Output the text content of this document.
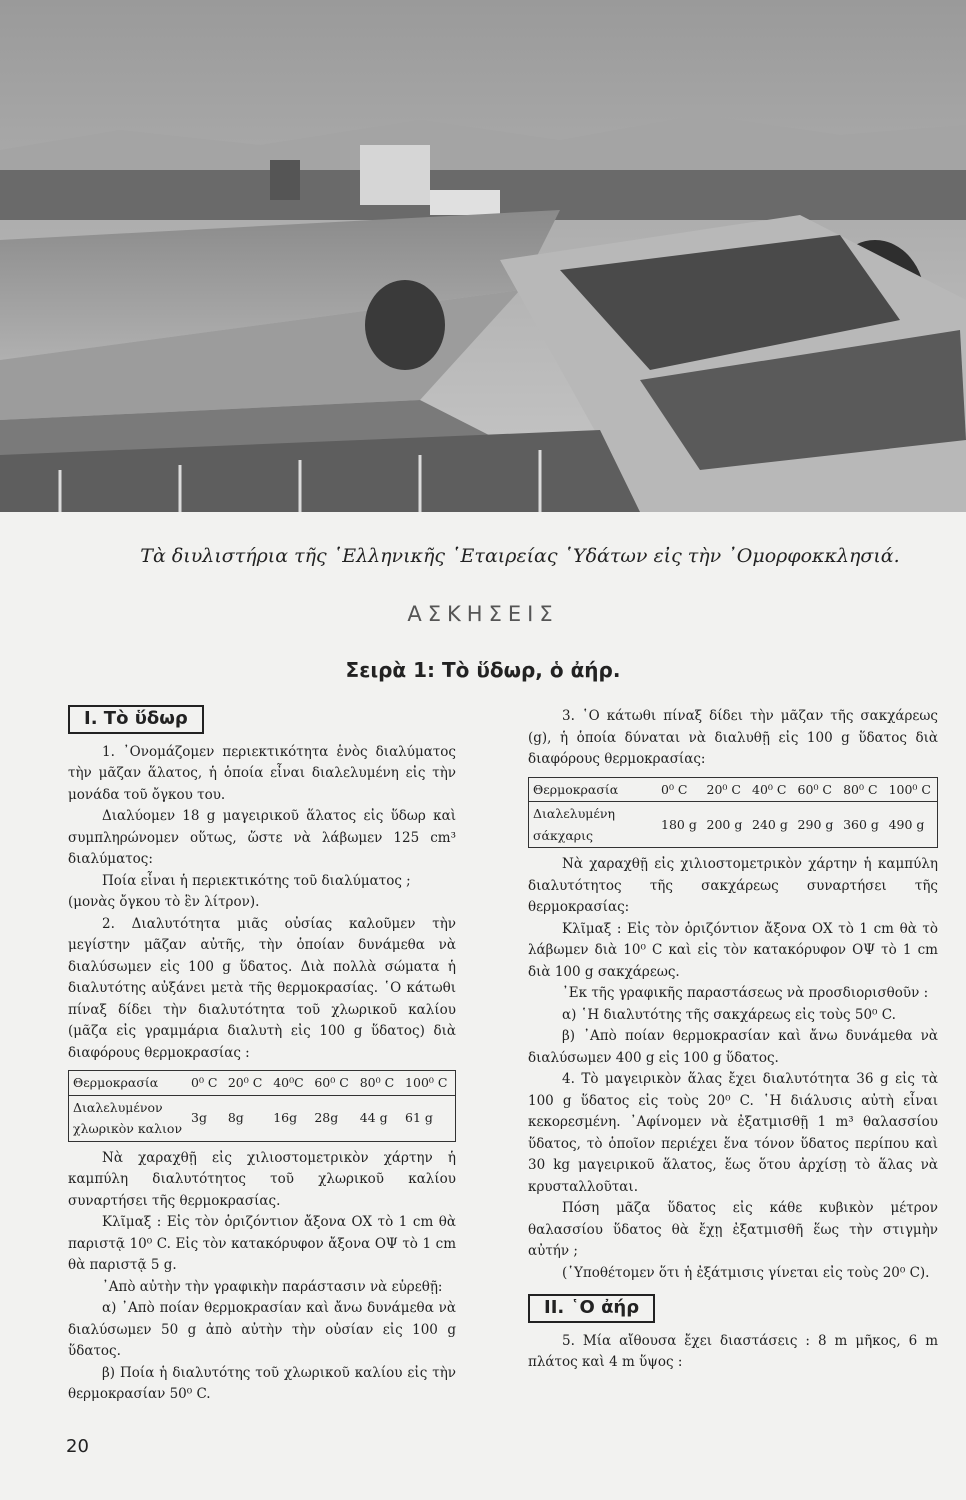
Τὰ διυλιστήρια τῆς ῾Ελληνικῆς ῾Εταιρείας ῾Υδάτων εἰς τὴν ᾿Ομορφοκκλησιά.
ΑΣΚΗΣΕΙΣ
Σειρὰ 1: Τὸ ὕδωρ, ὁ ἀήρ.
I. Τὸ ὕδωρ

1. ᾿Ονομάζομεν περιεκτικότητα ἑνὸς διαλύματος τὴν μᾶζαν ἅλατος, ἡ ὁποία εἶναι διαλελυμένη εἰς τὴν μονάδα τοῦ ὄγκου του.

Διαλύομεν 18 g μαγειρικοῦ ἅλατος εἰς ὕδωρ καὶ συμπληρώνομεν οὕτως, ὥστε νὰ λάβωμεν 125 cm³ διαλύματος:

Ποία εἶναι ἡ περιεκτικότης τοῦ διαλύματος ;

(μονὰς ὄγκου τὸ ἓν λίτρον).

2. Διαλυτότητα μιᾶς οὐσίας καλοῦμεν τὴν μεγίστην μᾶζαν αὐτῆς, τὴν ὁποίαν δυνάμεθα νὰ διαλύσωμεν εἰς 100 g ὕδατος. Διὰ πολλὰ σώματα ἡ διαλυτότης αὐξάνει μετὰ τῆς θερμοκρασίας. ῾Ο κάτωθι πίναξ δίδει τὴν διαλυτότητα τοῦ χλωρικοῦ καλίου (μᾶζα εἰς γραμμάρια διαλυτὴ εἰς 100 g ὕδατος) διὰ διαφόρους θερμοκρασίας :

Θερμοκρασία	0⁰ C	20⁰ C	40⁰C	60⁰ C	80⁰ C	100⁰ C
Διαλελυμένον χλωρικὸν καλιον	3g	8g	16g	28g	44 g	61 g

Νὰ χαραχθῇ εἰς χιλιοστομετρικὸν χάρτην ἡ καμπύλη διαλυτότητος τοῦ χλωρικοῦ καλίου συναρτήσει τῆς θερμοκρασίας.

Κλῖμαξ : Εἰς τὸν ὁριζόντιον ἄξονα ΟΧ τὸ 1 cm θὰ παριστᾷ 10⁰ C. Εἰς τὸν κατακόρυφον ἄξονα ΟΨ τὸ 1 cm θὰ παριστᾷ 5 g.

᾿Απὸ αὐτὴν τὴν γραφικὴν παράστασιν νὰ εὑρεθῇ:

α) ᾿Απὸ ποίαν θερμοκρασίαν καὶ ἄνω δυνάμεθα νὰ διαλύσωμεν 50 g ἀπὸ αὐτὴν τὴν οὐσίαν εἰς 100 g ὕδατος.

β) Ποία ἡ διαλυτότης τοῦ χλωρικοῦ καλίου εἰς τὴν θερμοκρασίαν 50⁰ C.

3. ῾Ο κάτωθι πίναξ δίδει τὴν μᾶζαν τῆς σακχάρεως (g), ἡ ὁποία δύναται νὰ διαλυθῇ εἰς 100 g ὕδατος διὰ διαφόρους θερμοκρασίας:

Θερμοκρασία	0⁰ C	20⁰ C	40⁰ C	60⁰ C	80⁰ C	100⁰ C
Διαλελυμένη σάκχαρις	180 g	200 g	240 g	290 g	360 g	490 g

Νὰ χαραχθῇ εἰς χιλιοστομετρικὸν χάρτην ἡ καμπύλη διαλυτότητος τῆς σακχάρεως συναρτήσει τῆς θερμοκρασίας:

Κλῖμαξ : Εἰς τὸν ὁριζόντιον ἄξονα ΟΧ τὸ 1 cm θὰ τὸ λάβωμεν διὰ 10⁰ C καὶ εἰς τὸν κατακόρυφον ΟΨ τὸ 1 cm διὰ 100 g σακχάρεως.

᾿Εκ τῆς γραφικῆς παραστάσεως νὰ προσδιορισθοῦν :

α) ῾Η διαλυτότης τῆς σακχάρεως εἰς τοὺς 50⁰ C.

β) ᾿Απὸ ποίαν θερμοκρασίαν καὶ ἄνω δυνάμεθα νὰ διαλύσωμεν 400 g εἰς 100 g ὕδατος.

4. Τὸ μαγειρικὸν ἅλας ἔχει διαλυτότητα 36 g εἰς τὰ 100 g ὕδατος εἰς τοὺς 20⁰ C. ῾Η διάλυσις αὐτὴ εἶναι κεκορεσμένη. ᾿Αφίνομεν νὰ ἐξατμισθῇ 1 m³ θαλασσίου ὕδατος, τὸ ὁποῖον περιέχει ἕνα τόνον ὕδατος περίπου καὶ 30 kg μαγειρικοῦ ἅλατος, ἕως ὅτου ἀρχίσῃ τὸ ἅλας νὰ κρυσταλλοῦται.

Πόση μᾶζα ὕδατος εἰς κάθε κυβικὸν μέτρον θαλασσίου ὕδατος θὰ ἔχῃ ἐξατμισθῆ ἕως τὴν στιγμὴν αὐτήν ;

(῾Υποθέτομεν ὅτι ἡ ἐξάτμισις γίνεται εἰς τοὺς 20⁰ C).

II. ῾Ο ἀήρ

5. Μία αἴθουσα ἔχει διαστάσεις : 8 m μῆκος, 6 m πλάτος καὶ 4 m ὕψος :

20
